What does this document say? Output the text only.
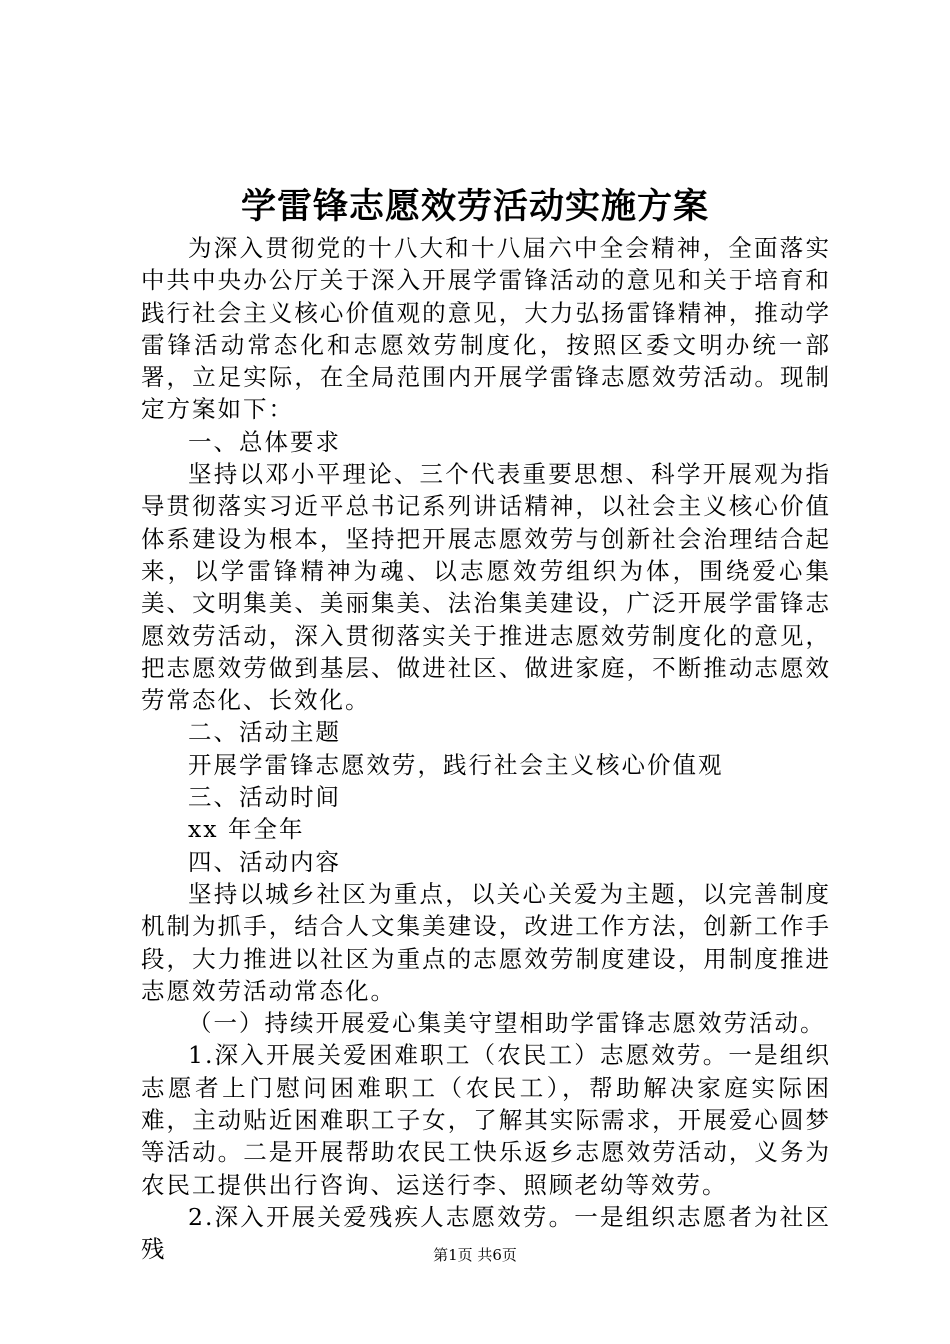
学雷锋志愿效劳活动实施方案

为深入贯彻党的十八大和十八届六中全会精神，全面落实中共中央办公厅关于深入开展学雷锋活动的意见和关于培育和践行社会主义核心价值观的意见，大力弘扬雷锋精神，推动学雷锋活动常态化和志愿效劳制度化，按照区委文明办统一部署，立足实际，在全局范围内开展学雷锋志愿效劳活动。现制定方案如下：

一、总体要求

坚持以邓小平理论、三个代表重要思想、科学开展观为指导贯彻落实习近平总书记系列讲话精神，以社会主义核心价值体系建设为根本，坚持把开展志愿效劳与创新社会治理结合起来，以学雷锋精神为魂、以志愿效劳组织为体，围绕爱心集美、文明集美、美丽集美、法治集美建设，广泛开展学雷锋志愿效劳活动，深入贯彻落实关于推进志愿效劳制度化的意见，把志愿效劳做到基层、做进社区、做进家庭，不断推动志愿效劳常态化、长效化。

二、活动主题

开展学雷锋志愿效劳，践行社会主义核心价值观

三、活动时间

xx 年全年

四、活动内容

坚持以城乡社区为重点，以关心关爱为主题，以完善制度机制为抓手，结合人文集美建设，改进工作方法，创新工作手段，大力推进以社区为重点的志愿效劳制度建设，用制度推进志愿效劳活动常态化。

（一）持续开展爱心集美守望相助学雷锋志愿效劳活动。

1.深入开展关爱困难职工（农民工）志愿效劳。一是组织志愿者上门慰问困难职工（农民工），帮助解决家庭实际困难，主动贴近困难职工子女，了解其实际需求，开展爱心圆梦等活动。二是开展帮助农民工快乐返乡志愿效劳活动，义务为农民工提供出行咨询、运送行李、照顾老幼等效劳。

2.深入开展关爱残疾人志愿效劳。一是组织志愿者为社区残	第1页 共6页
